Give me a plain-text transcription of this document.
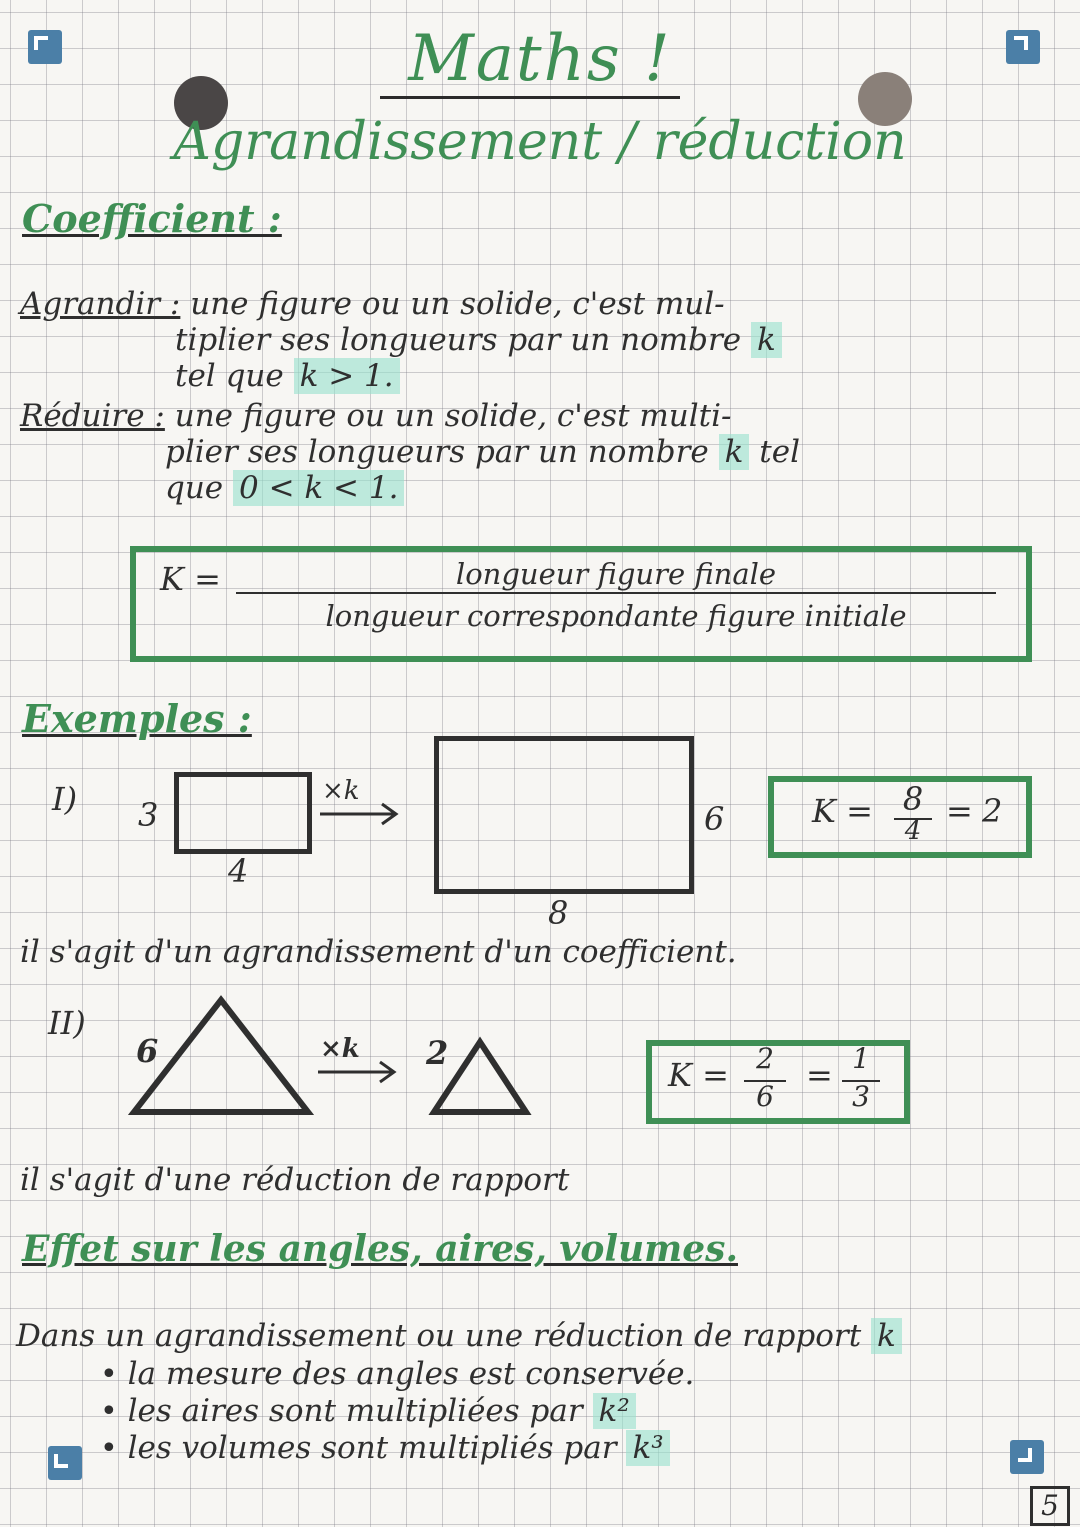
Maths !
Agrandissement / réduction
Coefficient :
Agrandir : une figure ou un solide, c'est mul-
tiplier ses longueurs par un nombre k
tel que k > 1.
Réduire : une figure ou un solide, c'est multi-
plier ses longueurs par un nombre k tel
que 0 < k < 1.
K =	longueur figure finale
longueur correspondante figure initiale
Exemples :
I) 3
4
×k
6
8
K = 8
4
= 2
il s'agit d'un agrandissement d'un coefficient.
II)
6	×k 2
K = 2
6
= 1
3
il s'agit d'une réduction de rapport
Effet sur les angles, aires, volumes.
Dans un agrandissement ou une réduction de rapport k
• la mesure des angles est conservée.
• les aires sont multipliées par k²
• les volumes sont multipliés par k³
5
